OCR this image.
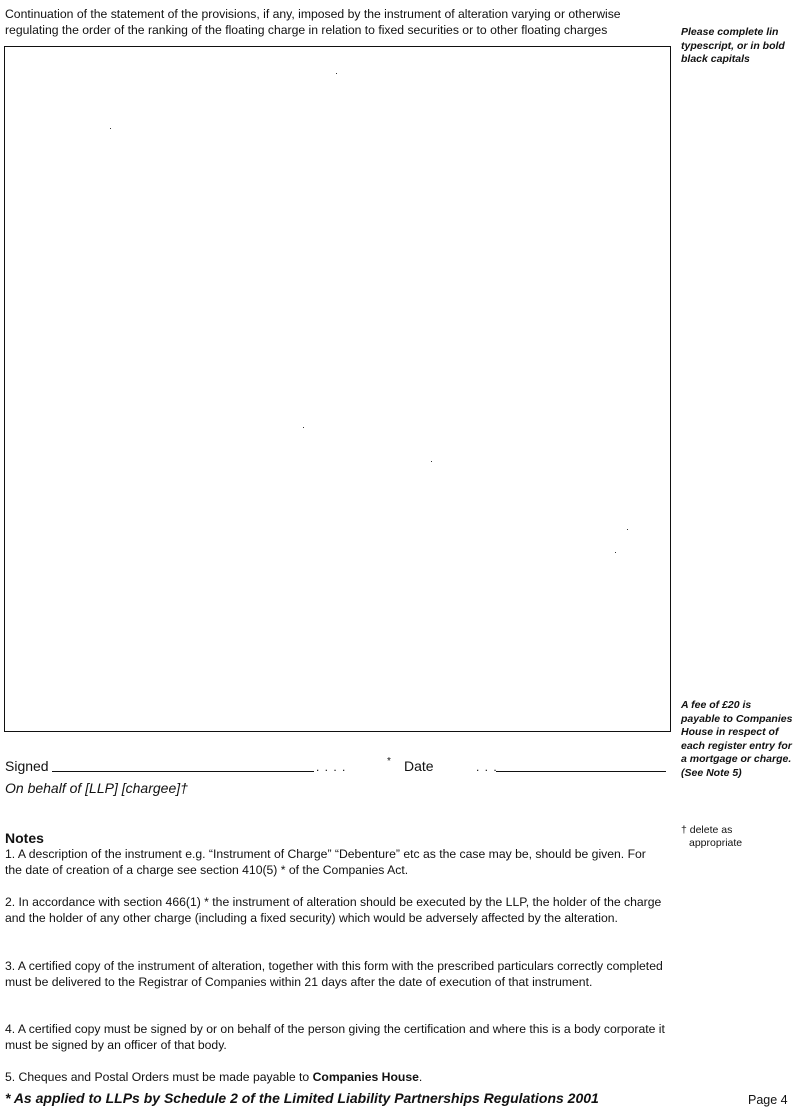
Continuation of the statement of the provisions, if any, imposed by the instrument of alteration varying or otherwise regulating the order of the ranking of the floating charge in relation to fixed securities or to other floating charges	Please complete lin typescript, or in bold black capitals
A fee of £20 is payable to Companies House in respect of each register entry for a mortgage or charge. (See Note 5)
† delete as
appropriate
Signed	. . . .	* Date	. . .
On behalf of [LLP] [chargee]†
Notes
1. A description of the instrument e.g. “Instrument of Charge” “Debenture” etc as the case may be, should be given. For the date of creation of a charge see section 410(5) * of the Companies Act.
2. In accordance with section 466(1) * the instrument of alteration should be executed by the LLP, the holder of the charge and the holder of any other charge (including a fixed security) which would be adversely affected by the alteration.
3. A certified copy of the instrument of alteration, together with this form with the prescribed particulars correctly completed must be delivered to the Registrar of Companies within 21 days after the date of execution of that instrument.
4. A certified copy must be signed by or on behalf of the person giving the certification and where this is a body corporate it must be signed by an officer of that body.
5. Cheques and Postal Orders must be made payable to Companies House.
* As applied to LLPs by Schedule 2 of the Limited Liability Partnerships Regulations 2001	Page 4
